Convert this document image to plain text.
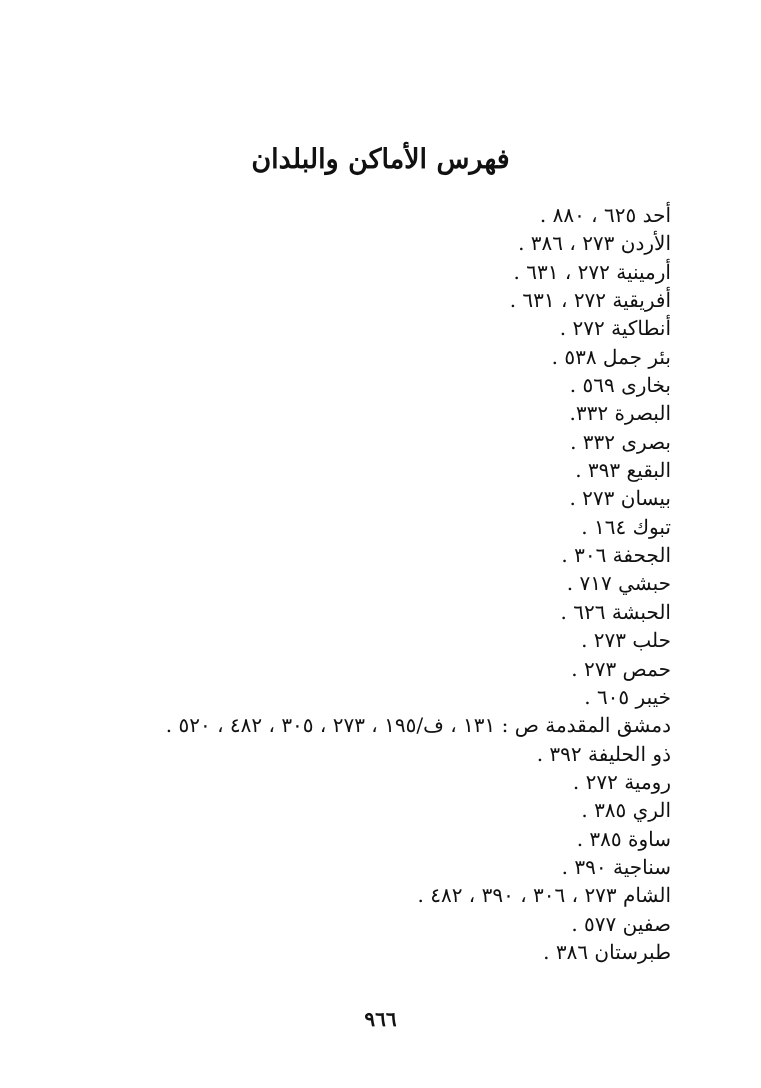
فهرس الأماكن والبلدان
أحد ٦٢٥ ، ٨٨٠ .
الأردن ٢٧٣ ، ٣٨٦ .
أرمينية ٢٧٢ ، ٦٣١ .
أفريقية ٢٧٢ ، ٦٣١ .
أنطاكية ٢٧٢ .
بئر جمل ٥٣٨ .
بخارى ٥٦٩ .
البصرة ٣٣٢.
بصرى ٣٣٢ .
البقيع ٣٩٣ .
بيسان ٢٧٣ .
تبوك ١٦٤ .
الجحفة ٣٠٦ .
حبشي ٧١٧ .
الحبشة ٦٢٦ .
حلب ٢٧٣ .
حمص ٢٧٣ .
خيبر ٦٠٥ .
دمشق المقدمة ص : ١٣١ ، ف/١٩٥ ، ٢٧٣ ، ٣٠٥ ، ٤٨٢ ، ٥٢٠ .
ذو الحليفة ٣٩٢ .
رومية ٢٧٢ .
الري ٣٨٥ .
ساوة ٣٨٥ .
سناجية ٣٩٠ .
الشام ٢٧٣ ، ٣٠٦ ، ٣٩٠ ، ٤٨٢ .
صفين ٥٧٧ .
طبرستان ٣٨٦ .
٩٦٦
